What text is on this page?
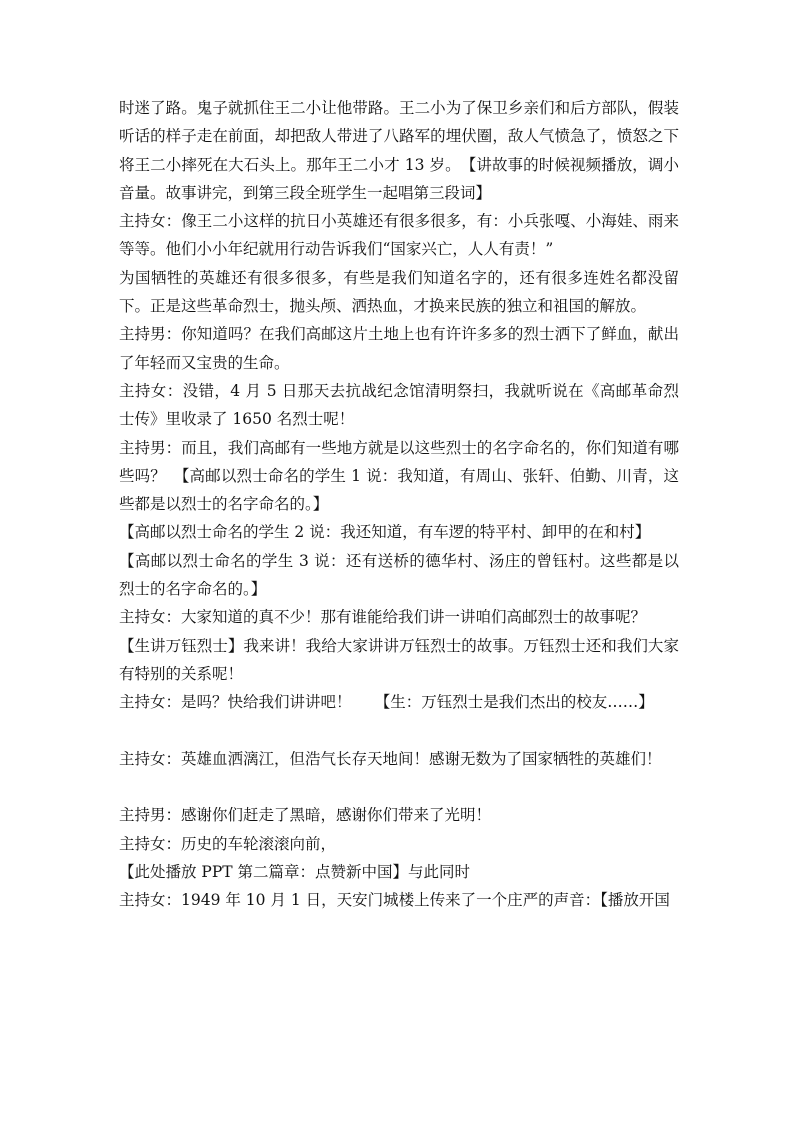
时迷了路。鬼子就抓住王二小让他带路。王二小为了保卫乡亲们和后方部队，假装听话的样子走在前面，却把敌人带进了八路军的埋伏圈，敌人气愤急了，愤怒之下将王二小摔死在大石头上。那年王二小才 13 岁。　【讲故事的时候视频播放，调小音量。故事讲完，到第三段全班学生一起唱第三段词】

主持女：像王二小这样的抗日小英雄还有很多很多，有：小兵张嘎、小海娃、雨来等等。他们小小年纪就用行动告诉我们“国家兴亡，人人有责！”

为国牺牲的英雄还有很多很多，有些是我们知道名字的，还有很多连姓名都没留下。正是这些革命烈士，抛头颅、洒热血，才换来民族的独立和祖国的解放。

主持男：你知道吗？在我们高邮这片土地上也有许许多多的烈士洒下了鲜血，献出了年轻而又宝贵的生命。

主持女：没错，4 月 5 日那天去抗战纪念馆清明祭扫，我就听说在《高邮革命烈士传》里收录了 1650 名烈士呢！

主持男：而且，我们高邮有一些地方就是以这些烈士的名字命名的，你们知道有哪些吗？　【高邮以烈士命名的学生 1 说：我知道，有周山、张轩、伯勤、川青，这些都是以烈士的名字命名的。】

【高邮以烈士命名的学生 2 说：我还知道，有车逻的特平村、卸甲的在和村】

【高邮以烈士命名的学生 3 说：还有送桥的德华村、汤庄的曾钰村。这些都是以烈士的名字命名的。】

主持女：大家知道的真不少！那有谁能给我们讲一讲咱们高邮烈士的故事呢？

【生讲万钰烈士】我来讲！我给大家讲讲万钰烈士的故事。万钰烈士还和我们大家有特别的关系呢！

主持女：是吗？快给我们讲讲吧！　　【生：万钰烈士是我们杰出的校友……】

主持女：英雄血洒漓江，但浩气长存天地间！感谢无数为了国家牺牲的英雄们！

主持男：感谢你们赶走了黑暗，感谢你们带来了光明！

主持女：历史的车轮滚滚向前，

【此处播放 PPT 第二篇章：点赞新中国】与此同时

主持女：1949 年 10 月 1 日，天安门城楼上传来了一个庄严的声音：【播放开国
